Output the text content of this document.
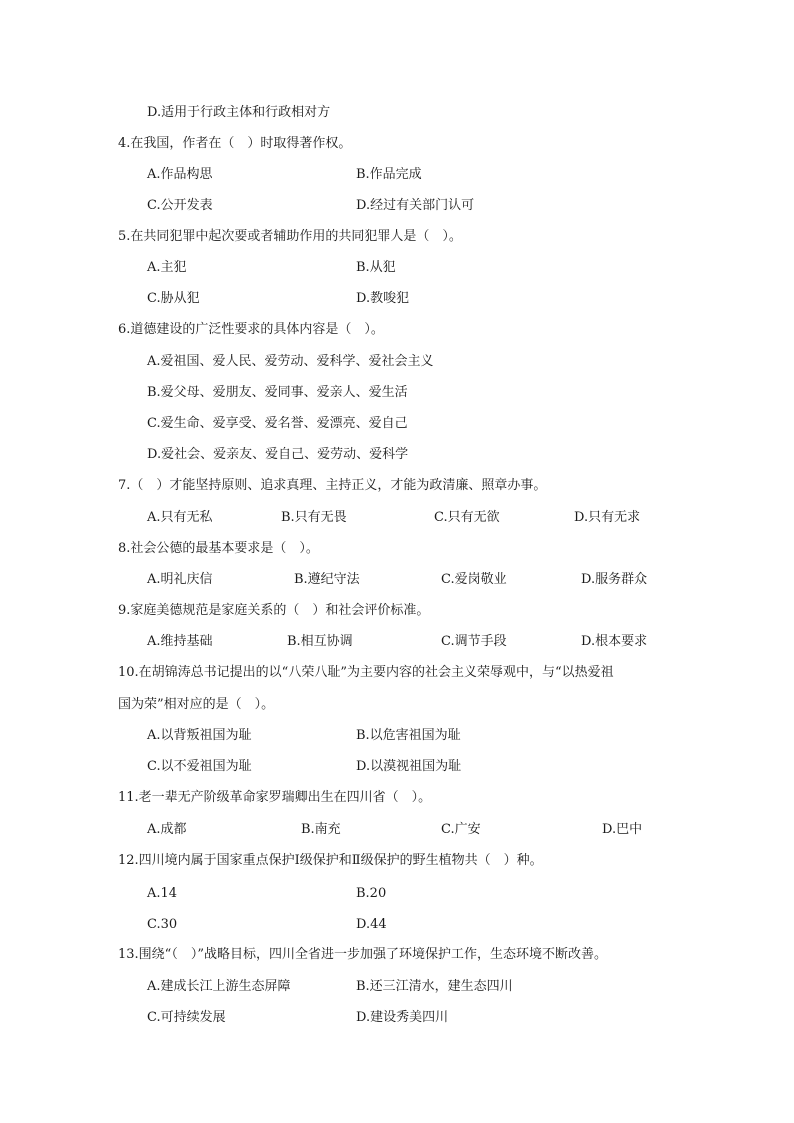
D.适用于行政主体和行政相对方
4.在我国，作者在（　）时取得著作权。
A.作品构思	B.作品完成
C.公开发表	D.经过有关部门认可
5.在共同犯罪中起次要或者辅助作用的共同犯罪人是（　）。
A.主犯	B.从犯
C.胁从犯	D.教唆犯
6.道德建设的广泛性要求的具体内容是（　）。
A.爱祖国、爱人民、爱劳动、爱科学、爱社会主义
B.爱父母、爱朋友、爱同事、爱亲人、爱生活
C.爱生命、爱享受、爱名誉、爱漂亮、爱自己
D.爱社会、爱亲友、爱自己、爱劳动、爱科学
7.（　）才能坚持原则、追求真理、主持正义，才能为政清廉、照章办事。
A.只有无私	B.只有无畏	C.只有无欲	D.只有无求
8.社会公德的最基本要求是（　）。
A.明礼庆信	B.遵纪守法	C.爱岗敬业	D.服务群众
9.家庭美德规范是家庭关系的（　）和社会评价标准。
A.维持基础	B.相互协调	C.调节手段	D.根本要求
10.在胡锦涛总书记提出的以“八荣八耻”为主要内容的社会主义荣辱观中，与“以热爱祖
国为荣”相对应的是（　）。
A.以背叛祖国为耻	B.以危害祖国为耻
C.以不爱祖国为耻	D.以漠视祖国为耻
11.老一辈无产阶级革命家罗瑞卿出生在四川省（　）。
A.成都	B.南充	C.广安	D.巴中
12.四川境内属于国家重点保护Ⅰ级保护和Ⅱ级保护的野生植物共（　）种。
A.14	B.20
C.30	D.44
13.围绕“（　）”战略目标，四川全省进一步加强了环境保护工作，生态环境不断改善。
A.建成长江上游生态屏障	B.还三江清水，建生态四川
C.可持续发展	D.建设秀美四川
